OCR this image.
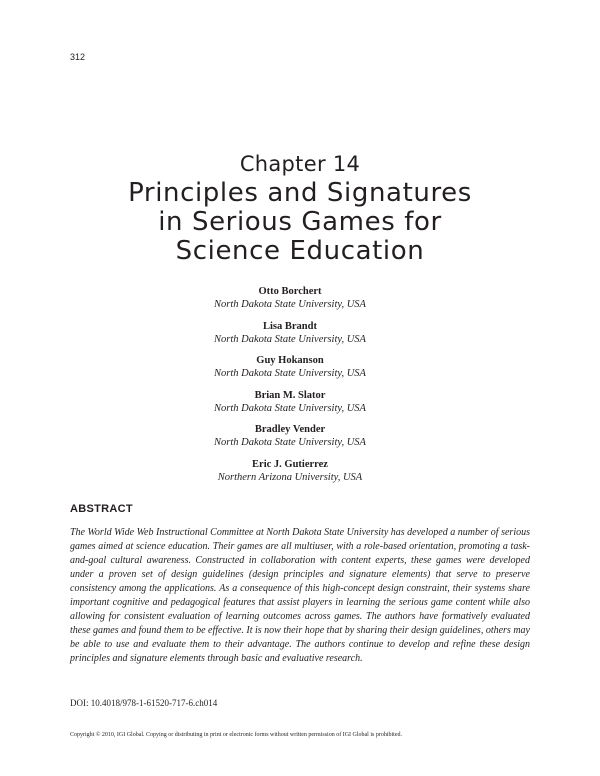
312
Chapter 14
Principles and Signatures
in Serious Games for
Science Education
Otto Borchert
North Dakota State University, USA
Lisa Brandt
North Dakota State University, USA
Guy Hokanson
North Dakota State University, USA
Brian M. Slator
North Dakota State University, USA
Bradley Vender
North Dakota State University, USA
Eric J. Gutierrez
Northern Arizona University, USA
ABSTRACT

The World Wide Web Instructional Committee at North Dakota State University has developed a number of serious games aimed at science education. Their games are all multiuser, with a role-based orientation, promoting a task-and-goal cultural awareness. Constructed in collaboration with content experts, these games were developed under a proven set of design guidelines (design principles and signature elements) that serve to preserve consistency among the applications. As a consequence of this high-concept design constraint, their systems share important cognitive and pedagogical features that assist players in learning the serious game content while also allowing for consistent evaluation of learning outcomes across games. The authors have formatively evaluated these games and found them to be effective. It is now their hope that by sharing their design guidelines, others may be able to use and evaluate them to their advantage. The authors continue to develop and refine these design principles and signature elements through basic and evaluative research.

DOI: 10.4018/978-1-61520-717-6.ch014
Copyright © 2010, IGI Global. Copying or distributing in print or electronic forms without written permission of IGI Global is prohibited.
